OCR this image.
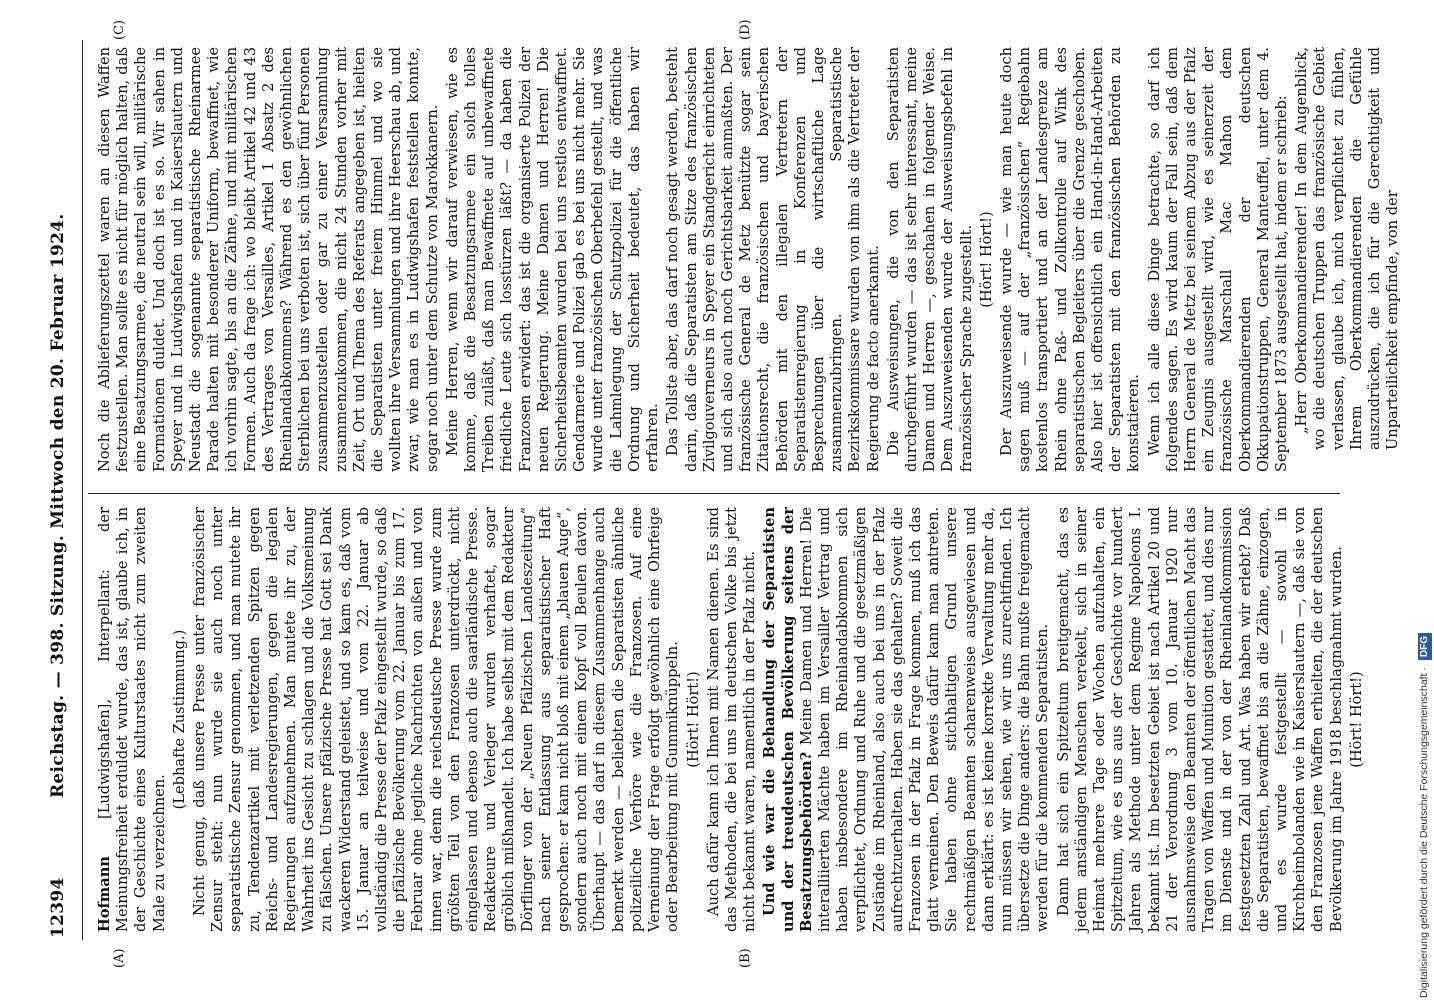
12394
Reichstag. — 398. Sitzung. Mittwoch den 20. Februar 1924.
(A)	(B)
(C)	(D)

Hofmann [Ludwigshafen], Interpellant: der Meinungsfreiheit erduldet wurde, das ist, glaube ich, in der Geschichte eines Kulturstaates nicht zum zweiten Male zu verzeichnen.

(Lebhafte Zustimmung.) Nicht genug, daß unsere Presse unter französischer Zensur steht: nun wurde sie auch noch unter separatistische Zensur genommen, und man mutete ihr zu, Tendenzartikel mit verletzenden Spitzen gegen Reichs- und Landesregierungen, gegen die legalen Regierungen aufzunehmen. Man mutete ihr zu, der Wahrheit ins Gesicht zu schlagen und die Volksmeinung zu fälschen. Unsere pfälzische Presse hat Gott sei Dank wackeren Widerstand geleistet, und so kam es, daß vom 15. Januar an teilweise und vom 22. Januar ab vollständig die Presse der Pfalz eingestellt wurde, so daß die pfälzische Bevölkerung vom 22. Januar bis zum 17. Februar ohne jegliche Nachrichten von außen und von innen war, denn die reichsdeutsche Presse wurde zum größten Teil von den Franzosen unterdrückt, nicht eingelassen und ebenso auch die saarländische Presse. Redakteure und Verleger wurden verhaftet, sogar gröblich mißhandelt. Ich habe selbst mit dem Redakteur Dörflinger von der „Neuen Pfälzischen Landeszeitung“ nach seiner Entlassung aus separatistischer Haft gesprochen: er kam nicht bloß mit einem „blauen Auge“, sondern auch noch mit einem Kopf voll Beulen davon. Überhaupt — das darf in diesem Zusammenhange auch bemerkt werden — beliebten die Separatisten ähnliche polizeiliche Verhöre wie die Franzosen. Auf eine Verneinung der Frage erfolgt gewöhnlich eine Ohrfeige oder Bearbeitung mit Gummiknüppeln. (Hört! Hört!) Auch dafür kann ich Ihnen mit Namen dienen. Es sind das Methoden, die bei uns im deutschen Volke bis jetzt nicht bekannt waren, namentlich in der Pfalz nicht. Und wie war die Behandlung der Separatisten und der treudeutschen Bevölkerung seitens der Besatzungsbehörden? Meine Damen und Herren! Die interalliierten Mächte haben im Versailler Vertrag und haben insbesondere im Rheinlandabkommen sich verpflichtet, Ordnung und Ruhe und die gesetzmäßigen Zustände im Rheinland, also auch bei uns in der Pfalz aufrechtzuerhalten. Haben sie das gehalten? Soweit die Franzosen in der Pfalz in Frage kommen, muß ich das glatt verneinen. Den Beweis dafür kann man antreten. Sie haben ohne stichhaltigen Grund unsere rechtmäßigen Beamten scharenweise ausgewiesen und dann erklärt: es ist keine korrekte Verwaltung mehr da, nun müssen wir sehen, wie wir uns zurechtfinden. Ich übersetze die Dinge anders: die Bahn mußte freigemacht werden für die kommenden Separatisten. Dann hat sich ein Spitzeltum breitgemacht, das es jedem anständigen Menschen verekelt, sich in seiner Heimat mehrere Tage oder Wochen aufzuhalten, ein Spitzeltum, wie es uns aus der Geschichte vor hundert Jahren als Methode unter dem Regime Napoleons I. bekannt ist. Im besetzten Gebiet ist nach Artikel 20 und 21 der Verordnung 3 vom 10. Januar 1920 nur ausnahmsweise den Beamten der öffentlichen Macht das Tragen von Waffen und Munition gestattet, und dies nur im Dienste und in der von der Rheinlandkommission festgesetzten Zahl und Art. Was haben wir erlebt? Daß die Separatisten, bewaffnet bis an die Zähne, einzogen, und es wurde festgestellt — sowohl in Kirchheimbolanden wie in Kaiserslautern —, daß sie von den Franzosen jene Waffen erhielten, die der deutschen Bevölkerung im Jahre 1918 beschlagnahmt wurden. (Hört! Hört!)

Noch die Ablieferungszettel waren an diesen Waffen festzustellen. Man sollte es nicht für möglich halten, daß eine Besatzungsarmee, die neutral sein will, militärische Formationen duldet. Und doch ist es so. Wir sahen in Speyer und in Ludwigshafen und in Kaiserslautern und Neustadt die sogenannte separatistische Rheinarmee Parade halten mit besonderer Uniform, bewaffnet, wie ich vorhin sagte, bis an die Zähne, und mit militärischen Formen. Auch da frage ich: wo bleibt Artikel 42 und 43 des Vertrages von Versailles, Artikel 1 Absatz 2 des Rheinlandabkommens? Während es den gewöhnlichen Sterblichen bei uns verboten ist, sich über fünf Personen zusammenzustellen oder gar zu einer Versammlung zusammenzukommen, die nicht 24 Stunden vorher mit Zeit, Ort und Thema des Referats angegeben ist, hielten die Separatisten unter freiem Himmel und wo sie wollten ihre Versammlungen und ihre Heerschau ab, und zwar, wie man es in Ludwigshafen feststellen konnte, sogar noch unter dem Schutze von Marokkanern. Meine Herren, wenn wir darauf verwiesen, wie es komme, daß die Besatzungsarmee ein solch tolles Treiben zuläßt, daß man Bewaffnete auf unbewaffnete friedliche Leute sich losstürzen läßt? — da haben die Franzosen erwidert: das ist die organisierte Polizei der neuen Regierung. Meine Damen und Herren! Die Sicherheitsbeamten wurden bei uns restlos entwaffnet. Gendarmerie und Polizei gab es bei uns nicht mehr. Sie wurde unter französischen Oberbefehl gestellt, und was die Lahmlegung der Schutzpolizei für die öffentliche Ordnung und Sicherheit bedeutet, das haben wir erfahren. Das Tollste aber, das darf noch gesagt werden, besteht darin, daß die Separatisten am Sitze des französischen Zivilgouverneurs in Speyer ein Standgericht einrichteten und sich also auch noch Gerichtsbarkeit anmaßten. Der französische General de Metz benützte sogar sein Zitationsrecht, die französischen und bayerischen Behörden mit den illegalen Vertretern der Separatistenregierung in Konferenzen und Besprechungen über die wirtschaftliche Lage zusammenzubringen. Separatistische Bezirkskommissare wurden von ihm als die Vertreter der Regierung de facto anerkannt. Die Ausweisungen, die von den Separatisten durchgeführt wurden — das ist sehr interessant, meine Damen und Herren —, geschahen in folgender Weise. Dem Auszuweisenden wurde der Ausweisungsbefehl in französischer Sprache zugestellt. (Hört! Hört!) Der Auszuweisende wurde — wie man heute doch sagen muß — auf der „französischen“ Regiebahn kostenlos transportiert und an der Landesgrenze am Rhein ohne Paß- und Zollkontrolle auf Wink des separatistischen Begleiters über die Grenze geschoben. Also hier ist offensichtlich ein Hand-in-Hand-Arbeiten der Separatisten mit den französischen Behörden zu konstatieren. Wenn ich alle diese Dinge betrachte, so darf ich folgendes sagen. Es wird kaum der Fall sein, daß dem Herrn General de Metz bei seinem Abzug aus der Pfalz ein Zeugnis ausgestellt wird, wie es seinerzeit der französische Marschall Mac Mahon dem Oberkommandierenden der deutschen Okkupationstruppen, General Manteuffel, unter dem 4. September 1873 ausgestellt hat, indem er schrieb: „Herr Oberkommandierender! In dem Augenblick, wo die deutschen Truppen das französische Gebiet verlassen, glaube ich, mich verpflichtet zu fühlen, Ihrem Oberkommandierenden die Gefühle auszudrücken, die ich für die Gerechtigkeit und Unparteilichkeit empfinde, von der

Digitalisierung gefördert durch die Deutsche Forschungsgemeinschaft · DFG
